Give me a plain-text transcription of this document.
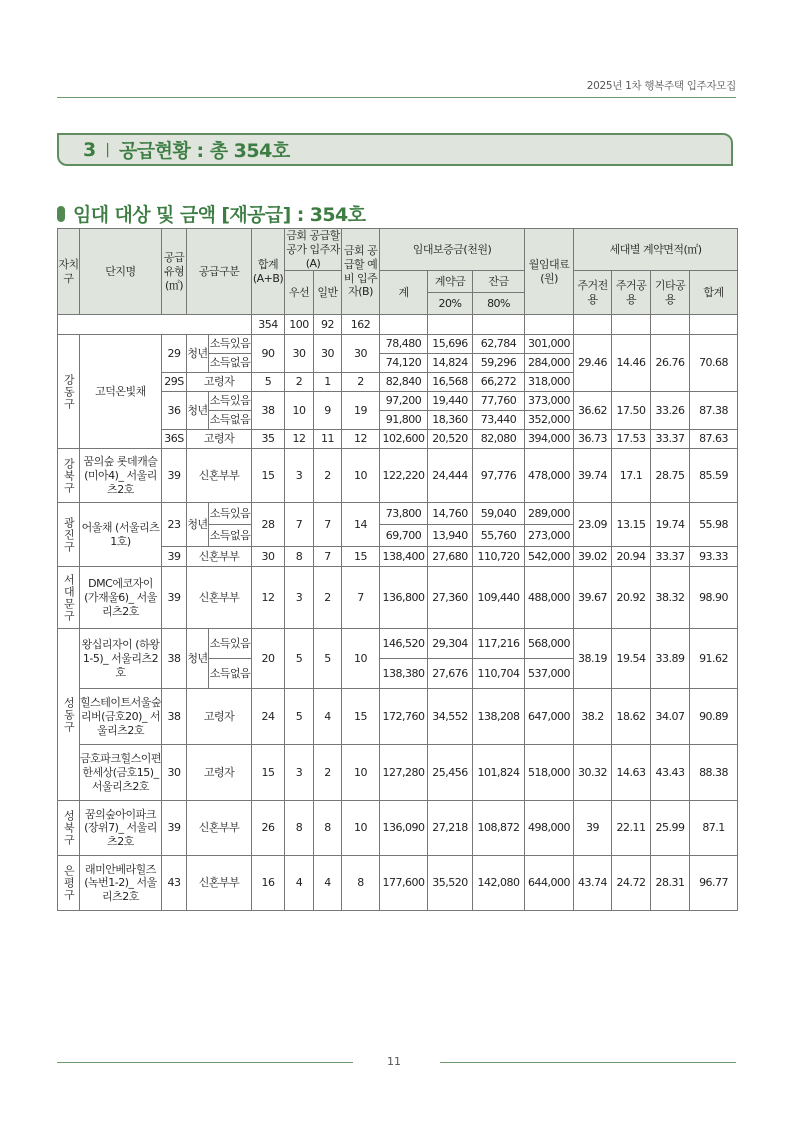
2025년 1차 행복주택 입주자모집
3 | 공급현황 : 총 354호
임대 대상 및 금액 [재공급] : 354호
자치구	단지명	공급유형(㎡)	공급구분		합계(A+B)	금회 공급할 공가 입주자(A)		금회 공급할 예비 입주자(B)	임대보증금(천원)			월임대료(원)	세대별 계약면적(㎡)			
						우선	일반		계	계약금	잔금		주거전용	주거공용	기타공용	합계
										20%	80%					
					354	100	92	162								
강동구	고덕온빛채	29	청년	소득있음	90	30	30	30	78,480	15,696	62,784	301,000	29.46	14.46	26.76	70.68
				소득없음					74,120	14,824	59,296	284,000				
		29S	고령자		5	2	1	2	82,840	16,568	66,272	318,000				
		36	청년	소득있음	38	10	9	19	97,200	19,440	77,760	373,000	36.62	17.50	33.26	87.38
				소득없음					91,800	18,360	73,440	352,000				
		36S	고령자		35	12	11	12	102,600	20,520	82,080	394,000	36.73	17.53	33.37	87.63
강북구	꿈의숲 롯데캐슬 (미아4)_ 서울리츠2호	39	신혼부부		15	3	2	10	122,220	24,444	97,776	478,000	39.74	17.1	28.75	85.59
광진구	어울채 (서울리츠1호)	23	청년	소득있음	28	7	7	14	73,800	14,760	59,040	289,000	23.09	13.15	19.74	55.98
				소득없음					69,700	13,940	55,760	273,000				
		39	신혼부부		30	8	7	15	138,400	27,680	110,720	542,000	39.02	20.94	33.37	93.33
서대문구	DMC에코자이 (가재울6)_ 서울리츠2호	39	신혼부부		12	3	2	7	136,800	27,360	109,440	488,000	39.67	20.92	38.32	98.90
성동구	왕십리자이 (하왕1-5)_ 서울리츠2호	38	청년	소득있음	20	5	5	10	146,520	29,304	117,216	568,000	38.19	19.54	33.89	91.62
				소득없음					138,380	27,676	110,704	537,000				
	힐스테이트서울숲 리버(금호20)_ 서울리츠2호	38	고령자		24	5	4	15	172,760	34,552	138,208	647,000	38.2	18.62	34.07	90.89
	금호파크힐스이편 한세상(금호15)_ 서울리츠2호	30	고령자		15	3	2	10	127,280	25,456	101,824	518,000	30.32	14.63	43.43	88.38
성북구	꿈의숲아이파크 (장위7)_ 서울리츠2호	39	신혼부부		26	8	8	10	136,090	27,218	108,872	498,000	39	22.11	25.99	87.1
은평구	래미안베라힐즈 (녹번1-2)_ 서울리츠2호	43	신혼부부		16	4	4	8	177,600	35,520	142,080	644,000	43.74	24.72	28.31	96.77
11
